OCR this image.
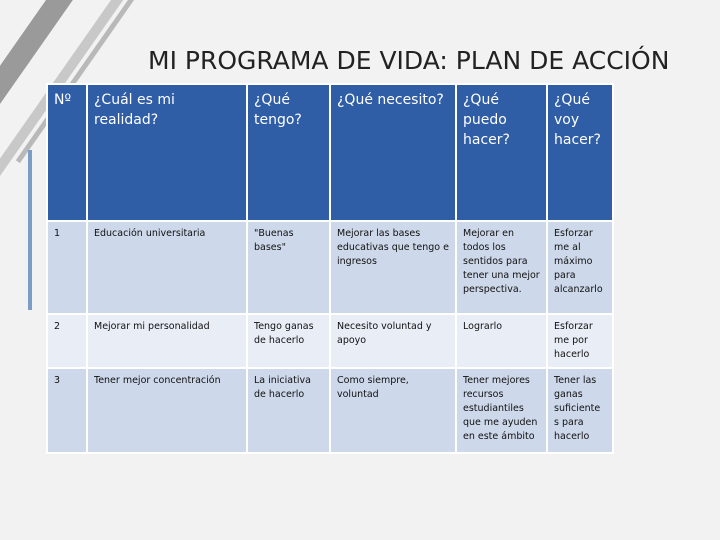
MI PROGRAMA DE VIDA: PLAN DE ACCIÓN
Nº	¿Cuál es mi realidad?	¿Qué tengo?	¿Qué necesito?	¿Qué puedo hacer?	¿Qué voy hacer?
1	Educación universitaria	"Buenas bases"	Mejorar las bases educativas que tengo e ingresos	Mejorar en todos los sentidos para tener una mejor perspectiva.	Esforzar me al máximo para alcanzarlo
2	Mejorar mi personalidad	Tengo ganas de hacerlo	Necesito voluntad y apoyo	Lograrlo	Esforzar me por hacerlo
3	Tener mejor concentración	La iniciativa de hacerlo	Como siempre, voluntad	Tener mejores recursos estudiantiles que me ayuden en este ámbito	Tener las ganas suficiente s para hacerlo
